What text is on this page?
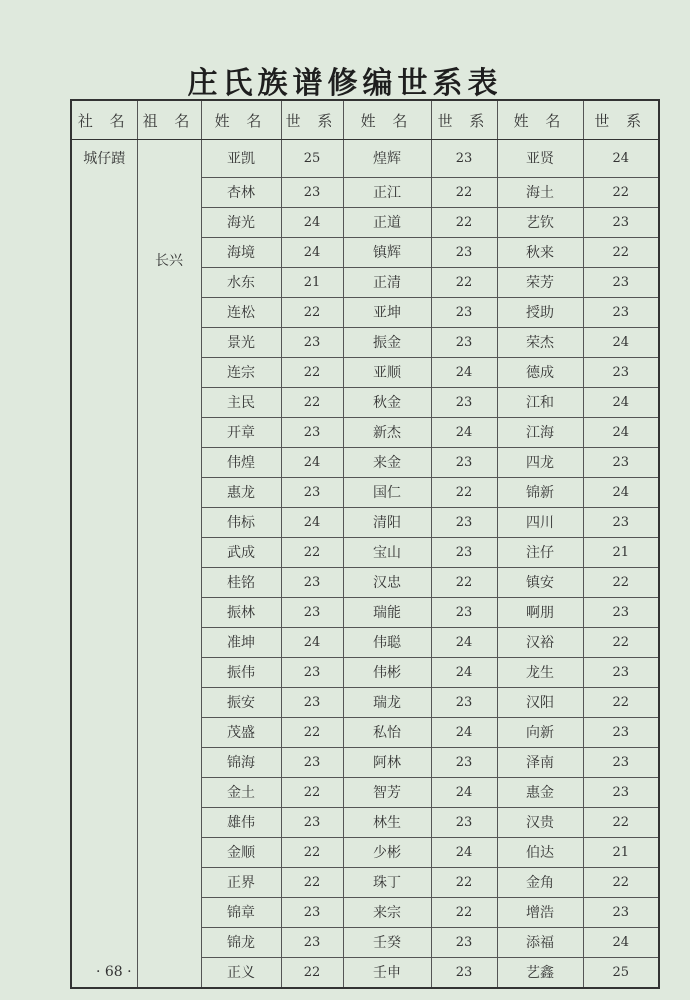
庄氏族谱修编世系表
社 名	祖 名	姓 名	世 系	姓 名	世 系	姓 名	世 系
城仔蹟	长兴	亚凯	25	煌辉	23	亚贤	24
		杏林	23	正江	22	海土	22
		海光	24	正道	22	艺钦	23
		海境	24	镇辉	23	秋来	22
		水东	21	正清	22	荣芳	23
		连松	22	亚坤	23	授助	23
		景光	23	振金	23	荣杰	24
		连宗	22	亚顺	24	德成	23
		主民	22	秋金	23	江和	24
		开章	23	新杰	24	江海	24
		伟煌	24	来金	23	四龙	23
		惠龙	23	国仁	22	锦新	24
		伟标	24	清阳	23	四川	23
		武成	22	宝山	23	注仔	21
		桂铭	23	汉忠	22	镇安	22
		振林	23	瑞能	23	啊朋	23
		准坤	24	伟聪	24	汉裕	22
		振伟	23	伟彬	24	龙生	23
		振安	23	瑞龙	23	汉阳	22
		茂盛	22	私怡	24	向新	23
		锦海	23	阿林	23	泽南	23
		金土	22	智芳	24	惠金	23
		雄伟	23	林生	23	汉贵	22
		金顺	22	少彬	24	伯达	21
		正界	22	珠丁	22	金角	22
		锦章	23	来宗	22	增浩	23
		锦龙	23	壬癸	23	添福	24
		正义	22	壬申	23	艺鑫	25
· 68 ·
